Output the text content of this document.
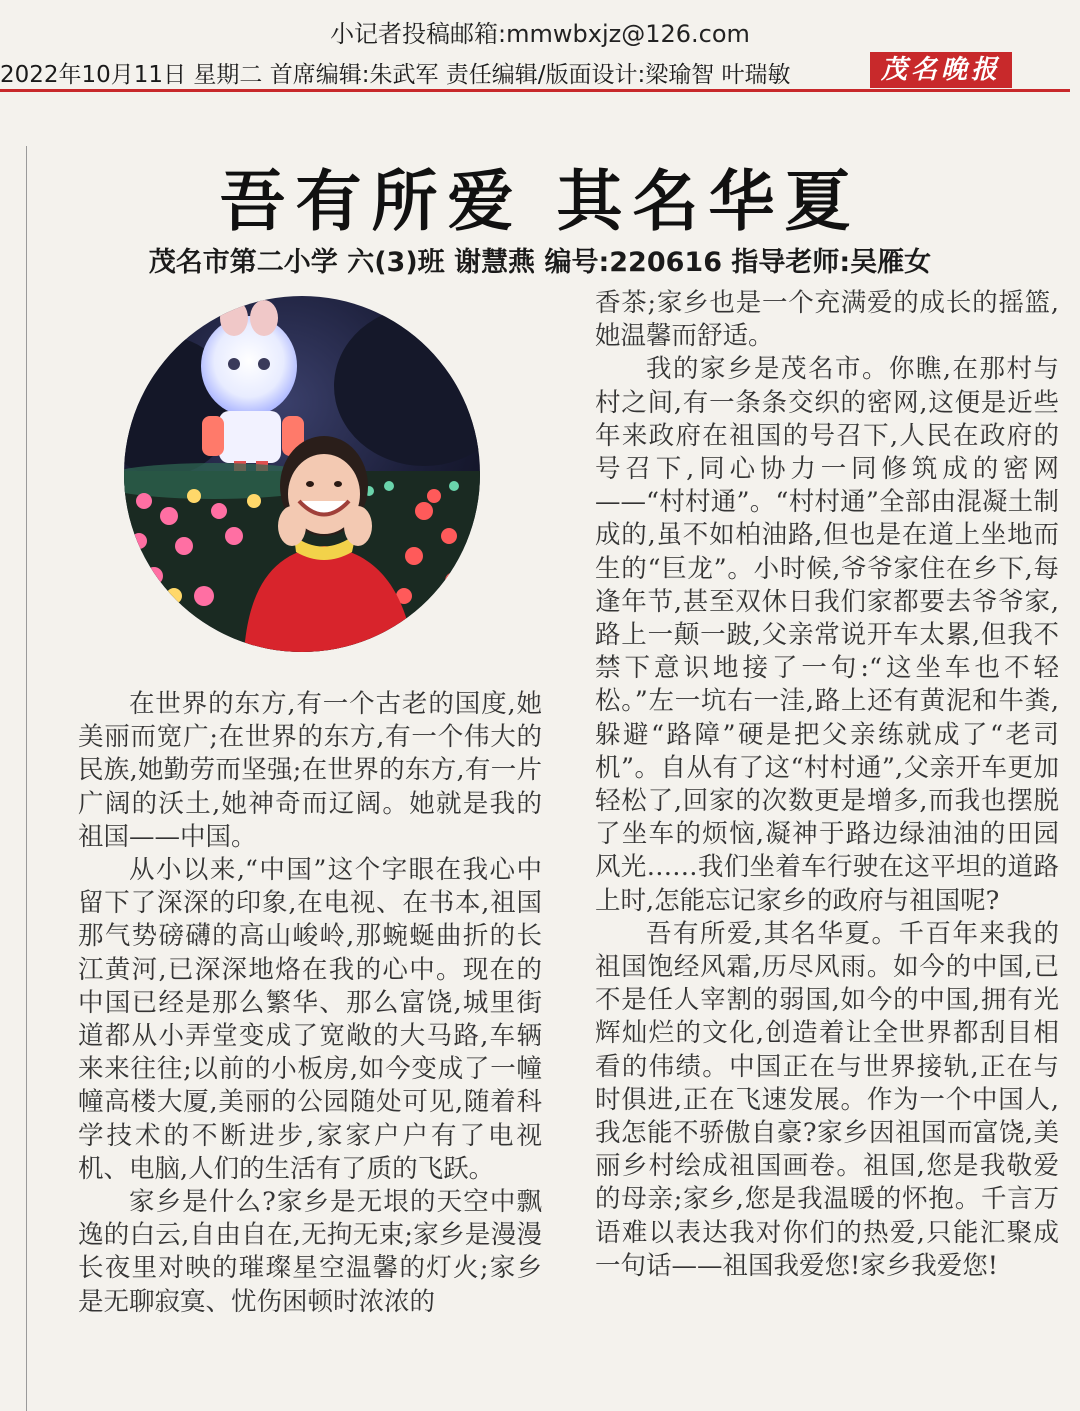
小记者投稿邮箱:mmwbxjz@126.com
2022年10月11日 星期二 首席编辑:朱武军 责任编辑/版面设计:梁瑜智 叶瑞敏	茂名晚报
吾有所爱 其名华夏
茂名市第二小学 六(3)班 谢慧燕 编号:220616 指导老师:吴雁女

在世界的东方,有一个古老的国度,她美丽而宽广;在世界的东方,有一个伟大的民族,她勤劳而坚强;在世界的东方,有一片广阔的沃土,她神奇而辽阔。她就是我的祖国——中国。

从小以来,“中国”这个字眼在我心中留下了深深的印象,在电视、在书本,祖国那气势磅礴的高山峻岭,那蜿蜒曲折的长江黄河,已深深地烙在我的心中。现在的中国已经是那么繁华、那么富饶,城里街道都从小弄堂变成了宽敞的大马路,车辆来来往往;以前的小板房,如今变成了一幢幢高楼大厦,美丽的公园随处可见,随着科学技术的不断进步,家家户户有了电视机、电脑,人们的生活有了质的飞跃。

家乡是什么?家乡是无垠的天空中飘逸的白云,自由自在,无拘无束;家乡是漫漫长夜里对映的璀璨星空温馨的灯火;家乡是无聊寂寞、忧伤困顿时浓浓的

香茶;家乡也是一个充满爱的成长的摇篮,她温馨而舒适。

我的家乡是茂名市。你瞧,在那村与村之间,有一条条交织的密网,这便是近些年来政府在祖国的号召下,人民在政府的号召下,同心协力一同修筑成的密网——“村村通”。“村村通”全部由混凝土制成的,虽不如柏油路,但也是在道上坐地而生的“巨龙”。小时候,爷爷家住在乡下,每逢年节,甚至双休日我们家都要去爷爷家,路上一颠一跛,父亲常说开车太累,但我不禁下意识地接了一句:“这坐车也不轻松。”左一坑右一洼,路上还有黄泥和牛粪,躲避“路障”硬是把父亲练就成了“老司机”。自从有了这“村村通”,父亲开车更加轻松了,回家的次数更是增多,而我也摆脱了坐车的烦恼,凝神于路边绿油油的田园风光……我们坐着车行驶在这平坦的道路上时,怎能忘记家乡的政府与祖国呢?

吾有所爱,其名华夏。千百年来我的祖国饱经风霜,历尽风雨。如今的中国,已不是任人宰割的弱国,如今的中国,拥有光辉灿烂的文化,创造着让全世界都刮目相看的伟绩。中国正在与世界接轨,正在与时俱进,正在飞速发展。作为一个中国人,我怎能不骄傲自豪?家乡因祖国而富饶,美丽乡村绘成祖国画卷。祖国,您是我敬爱的母亲;家乡,您是我温暖的怀抱。千言万语难以表达我对你们的热爱,只能汇聚成一句话——祖国我爱您!家乡我爱您!
